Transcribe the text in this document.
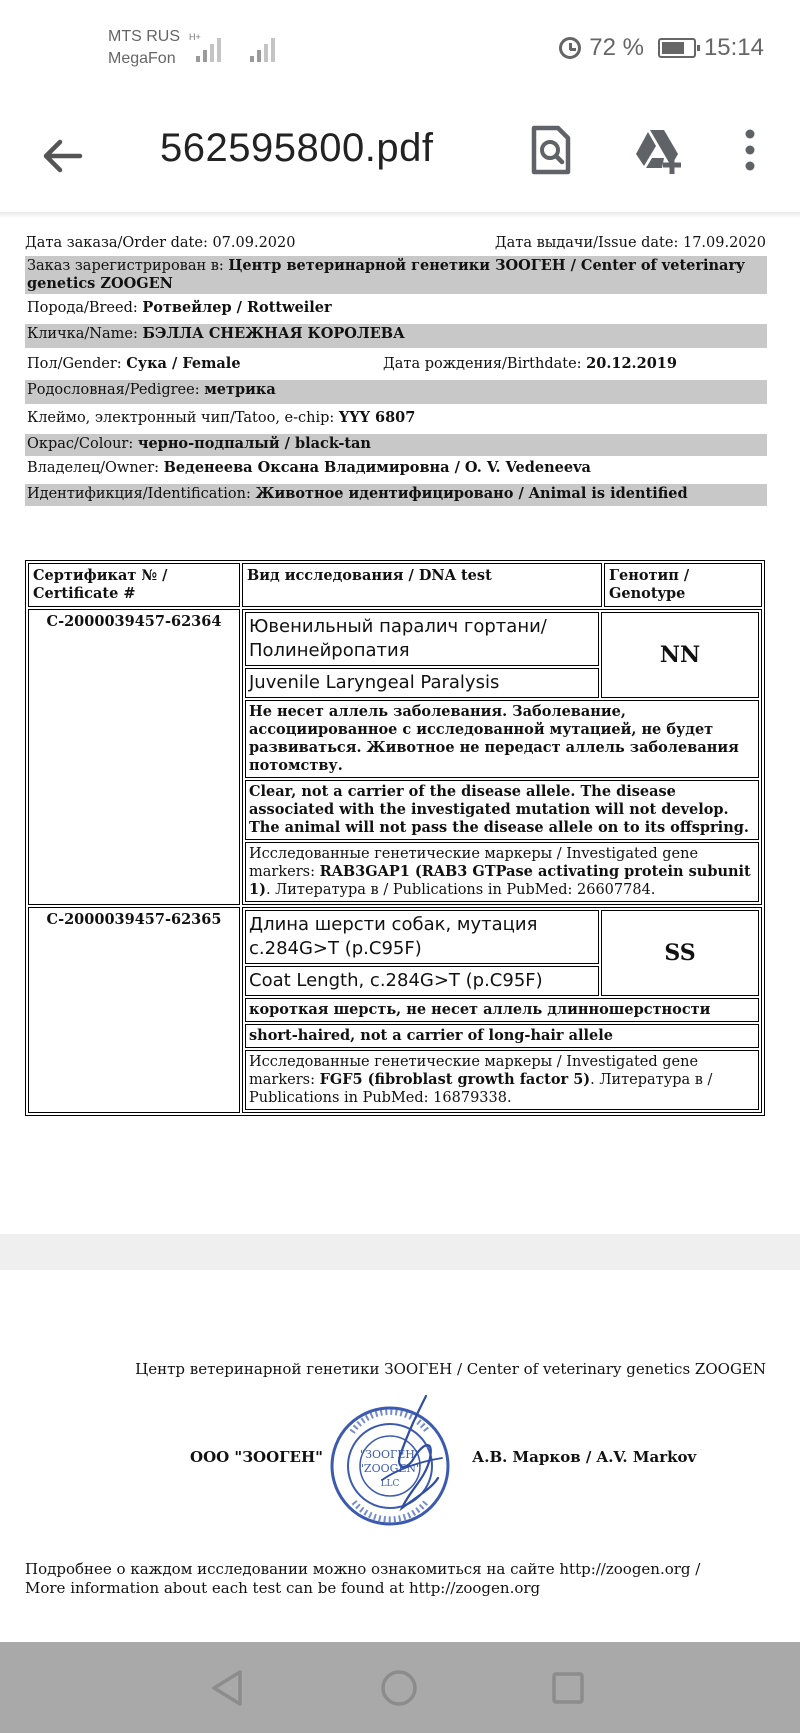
MTS RUS
MegaFon
H+	72 %	15:14
562595800.pdf
Дата заказа/Order date: 07.09.2020	Дата выдачи/Issue date: 17.09.2020
Заказ зарегистрирован в: Центр ветеринарной генетики ЗООГЕН / Center of veterinary genetics ZOOGEN
Порода/Breed: Ротвейлер / Rottweiler
Кличка/Name: БЭЛЛА СНЕЖНАЯ КОРОЛЕВА
Пол/Gender: Сука / Female	Дата рождения/Birthdate: 20.12.2019
Родословная/Pedigree: метрика
Клеймо, электронный чип/Tatoo, e-chip: YYY 6807
Окрас/Colour: черно-подпалый / black-tan
Владелец/Owner: Веденеева Оксана Владимировна / O. V. Vedeneeva
Идентификция/Identification: Животное идентифицировано / Animal is identified
Сертификат № / Certificate #	Вид исследования / DNA test	Генотип / Genotype
C-2000039457-62364	Ювенильный паралич гортани/Полинейропатия	NN
Juvenile Laryngeal Paralysis
Не несет аллель заболевания. Заболевание, ассоциированное с исследованной мутацией, не будет развиваться. Животное не передаст аллель заболевания потомству.
Clear, not a carrier of the disease allele. The disease associated with the investigated mutation will not develop. The animal will not pass the disease allele on to its offspring.
Исследованные генетические маркеры / Investigated gene markers: RAB3GAP1 (RAB3 GTPase activating protein subunit 1). Литература в / Publications in PubMed: 26607784.

C-2000039457-62365	Длина шерсти собак, мутация c.284G>T (p.C95F)	SS
Coat Length, c.284G>T (p.C95F)
короткая шерсть, не несет аллель длинношерстности
short-haired, not a carrier of long-hair allele
Исследованные генетические маркеры / Investigated gene markers: FGF5 (fibroblast growth factor 5). Литература в / Publications in PubMed: 16879338.
Центр ветеринарной генетики ЗООГЕН / Center of veterinary genetics ZOOGEN
ООО "ЗООГЕН"	"ЗООГЕН"
"ZOOGEN"
LLC
А.В. Марков / A.V. Markov
Подробнее о каждом исследовании можно ознакомиться на сайте http://zoogen.org / More information about each test can be found at http://zoogen.org
